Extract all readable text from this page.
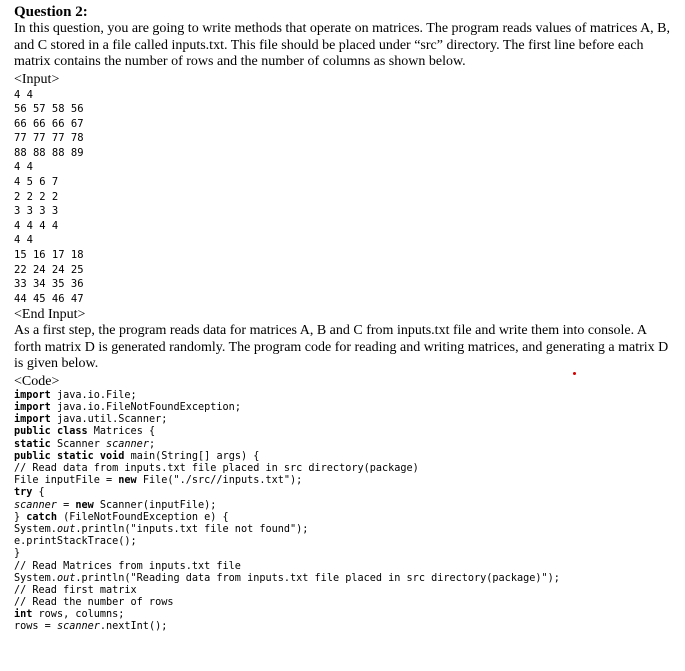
Question 2:

In this question, you are going to write methods that operate on matrices. The program reads values of matrices A, B, and C stored in a file called inputs.txt. This file should be placed under “src” directory. The first line before each matrix contains the number of rows and the number of columns as shown below.

<Input>
4 4
56 57 58 56
66 66 66 67
77 77 77 78
88 88 88 89
4 4
4 5 6 7
2 2 2 2
3 3 3 3
4 4 4 4
4 4
15 16 17 18
22 24 24 25
33 34 35 36
44 45 46 47
<End Input>

As a first step, the program reads data for matrices A, B and C from inputs.txt file and write them into console. A forth matrix D is generated randomly. The program code for reading and writing matrices, and generating a matrix D is given below.

<Code>
import java.io.File;
import java.io.FileNotFoundException;
import java.util.Scanner;
public class Matrices {
static Scanner scanner;
public static void main(String[] args) {
// Read data from inputs.txt file placed in src directory(package)
File inputFile = new File("./src//inputs.txt");
try {
scanner = new Scanner(inputFile);
} catch (FileNotFoundException e) {
System.out.println("inputs.txt file not found");
e.printStackTrace();
}
// Read Matrices from inputs.txt file
System.out.println("Reading data from inputs.txt file placed in src directory(package)");
// Read first matrix
// Read the number of rows
int rows, columns;
rows = scanner.nextInt();
